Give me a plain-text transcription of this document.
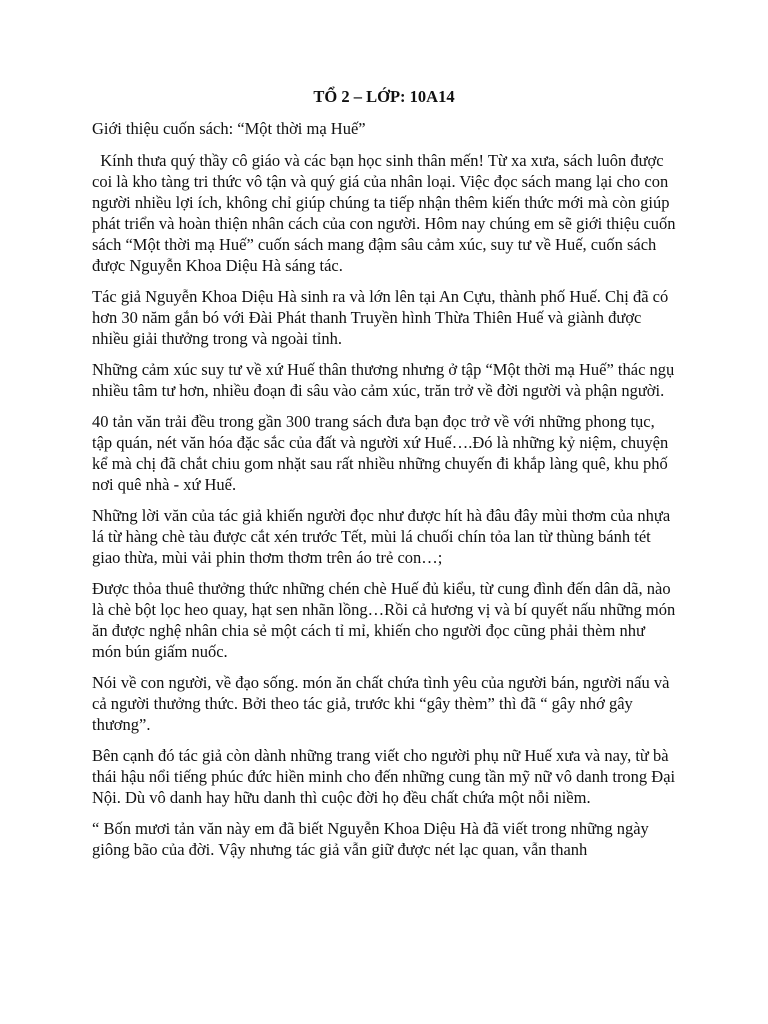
TỔ 2 – LỚP: 10A14
Giới thiệu cuốn sách: “Một thời mạ Huế”
Kính thưa quý thầy cô giáo và các bạn học sinh thân mến! Từ xa xưa, sách luôn được coi là kho tàng tri thức vô tận và quý giá của nhân loại. Việc đọc sách mang lại cho con người nhiều lợi ích, không chỉ giúp chúng ta tiếp nhận thêm kiến thức mới mà còn giúp phát triển và hoàn thiện nhân cách của con người. Hôm nay chúng em sẽ giới thiệu cuốn sách “Một thời mạ Huế” cuốn sách mang đậm sâu cảm xúc, suy tư về Huế, cuốn sách được Nguyễn Khoa Diệu Hà sáng tác.
Tác giả Nguyễn Khoa Diệu Hà sinh ra và lớn lên tại An Cựu, thành phố Huế. Chị đã có hơn 30 năm gắn bó với Đài Phát thanh Truyền hình Thừa Thiên Huế và giành được nhiều giải thưởng trong và ngoài tỉnh.
Những cảm xúc suy tư về xứ Huế thân thương nhưng ở tập “Một thời mạ Huế” thác ngụ nhiều tâm tư hơn, nhiều đoạn đi sâu vào cảm xúc, trăn trở về đời người và phận người.
40 tản văn trải đều trong gần 300 trang sách đưa bạn đọc trở về với những phong tục, tập quán, nét văn hóa đặc sắc của đất và người xứ Huế….Đó là những kỷ niệm, chuyện kể mà chị đã chắt chiu gom nhặt sau rất nhiều những chuyến đi khắp làng quê, khu phố nơi quê nhà - xứ Huế.
Những lời văn của tác giả khiến người đọc như được hít hà đâu đây mùi thơm của nhựa lá từ hàng chè tàu được cắt xén trước Tết, mùi lá chuối chín tỏa lan từ thùng bánh tét giao thừa, mùi vải phin thơm thơm trên áo trẻ con…;
Được thỏa thuê thưởng thức những chén chè Huế đủ kiểu, từ cung đình đến dân dã, nào là chè bột lọc heo quay, hạt sen nhãn lồng…Rồi cả hương vị và bí quyết nấu những món ăn được nghệ nhân chia sẻ một cách tỉ mỉ, khiến cho người đọc cũng phải thèm như món bún giấm nuốc.
Nói về con người, về đạo sống. món ăn chất chứa tình yêu của người bán, người nấu và cả người thưởng thức. Bởi theo tác giả, trước khi “gây thèm” thì đã “ gây nhớ gây thương”.
Bên cạnh đó tác giả còn dành những trang viết cho người phụ nữ Huế xưa và nay, từ bà thái hậu nổi tiếng phúc đức hiền minh cho đến những cung tần mỹ nữ vô danh trong Đại Nội. Dù vô danh hay hữu danh thì cuộc đời họ đều chất chứa một nỗi niềm.
“ Bốn mươi tản văn này em đã biết Nguyễn Khoa Diệu Hà đã viết trong những ngày giông bão của đời. Vậy nhưng tác giả vẫn giữ được nét lạc quan, vẫn thanh
